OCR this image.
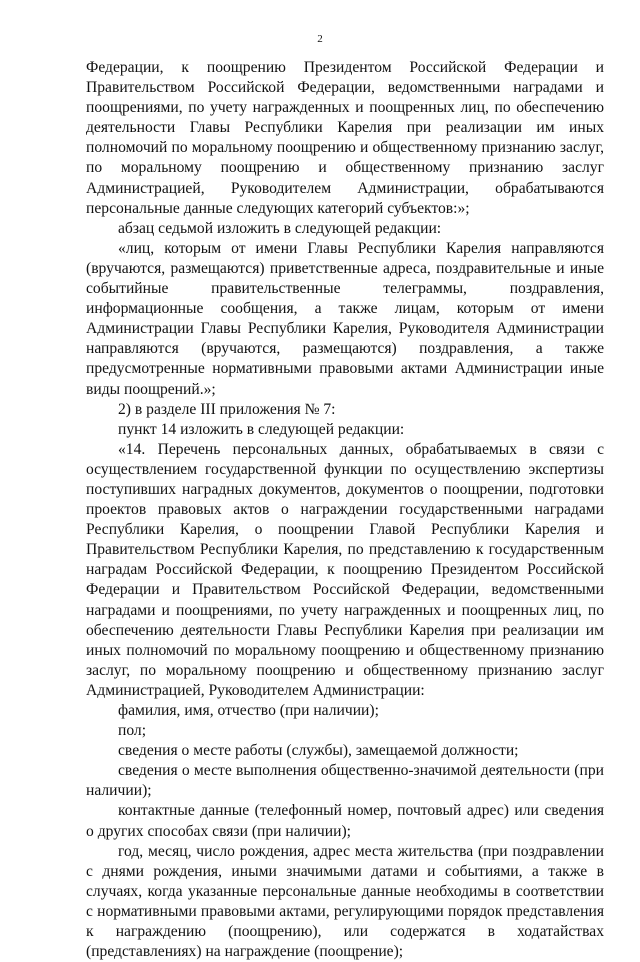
2

Федерации, к поощрению Президентом Российской Федерации и Правительством Российской Федерации, ведомственными наградами и поощрениями, по учету награжденных и поощренных лиц, по обеспечению деятельности Главы Республики Карелия при реализации им иных полномочий по моральному поощрению и общественному признанию заслуг, по моральному поощрению и общественному признанию заслуг Администрацией, Руководителем Администрации, обрабатываются персональные данные следующих категорий субъектов:»;

абзац седьмой изложить в следующей редакции:

«лиц, которым от имени Главы Республики Карелия направляются (вручаются, размещаются) приветственные адреса, поздравительные и иные событийные правительственные телеграммы, поздравления, информационные сообщения, а также лицам, которым от имени Администрации Главы Республики Карелия, Руководителя Администрации направляются (вручаются, размещаются) поздравления, а также предусмотренные нормативными правовыми актами Администрации иные виды поощрений.»;

2) в разделе III приложения № 7:

пункт 14 изложить в следующей редакции:

«14. Перечень персональных данных, обрабатываемых в связи с осуществлением государственной функции по осуществлению экспертизы поступивших наградных документов, документов о поощрении, подготовки проектов правовых актов о награждении государственными наградами Республики Карелия, о поощрении Главой Республики Карелия и Правительством Республики Карелия, по представлению к государственным наградам Российской Федерации, к поощрению Президентом Российской Федерации и Правительством Российской Федерации, ведомственными наградами и поощрениями, по учету награжденных и поощренных лиц, по обеспечению деятельности Главы Республики Карелия при реализации им иных полномочий по моральному поощрению и общественному признанию заслуг, по моральному поощрению и общественному признанию заслуг Администрацией, Руководителем Администрации:

фамилия, имя, отчество (при наличии);

пол;

сведения о месте работы (службы), замещаемой должности;

сведения о месте выполнения общественно-значимой деятельности (при наличии);

контактные данные (телефонный номер, почтовый адрес) или сведения о других способах связи (при наличии);

год, месяц, число рождения, адрес места жительства (при поздравлении с днями рождения, иными значимыми датами и событиями, а также в случаях, когда указанные персональные данные необходимы в соответствии с нормативными правовыми актами, регулирующими порядок представления к награждению (поощрению), или содержатся в ходатайствах (представлениях) на награждение (поощрение);
